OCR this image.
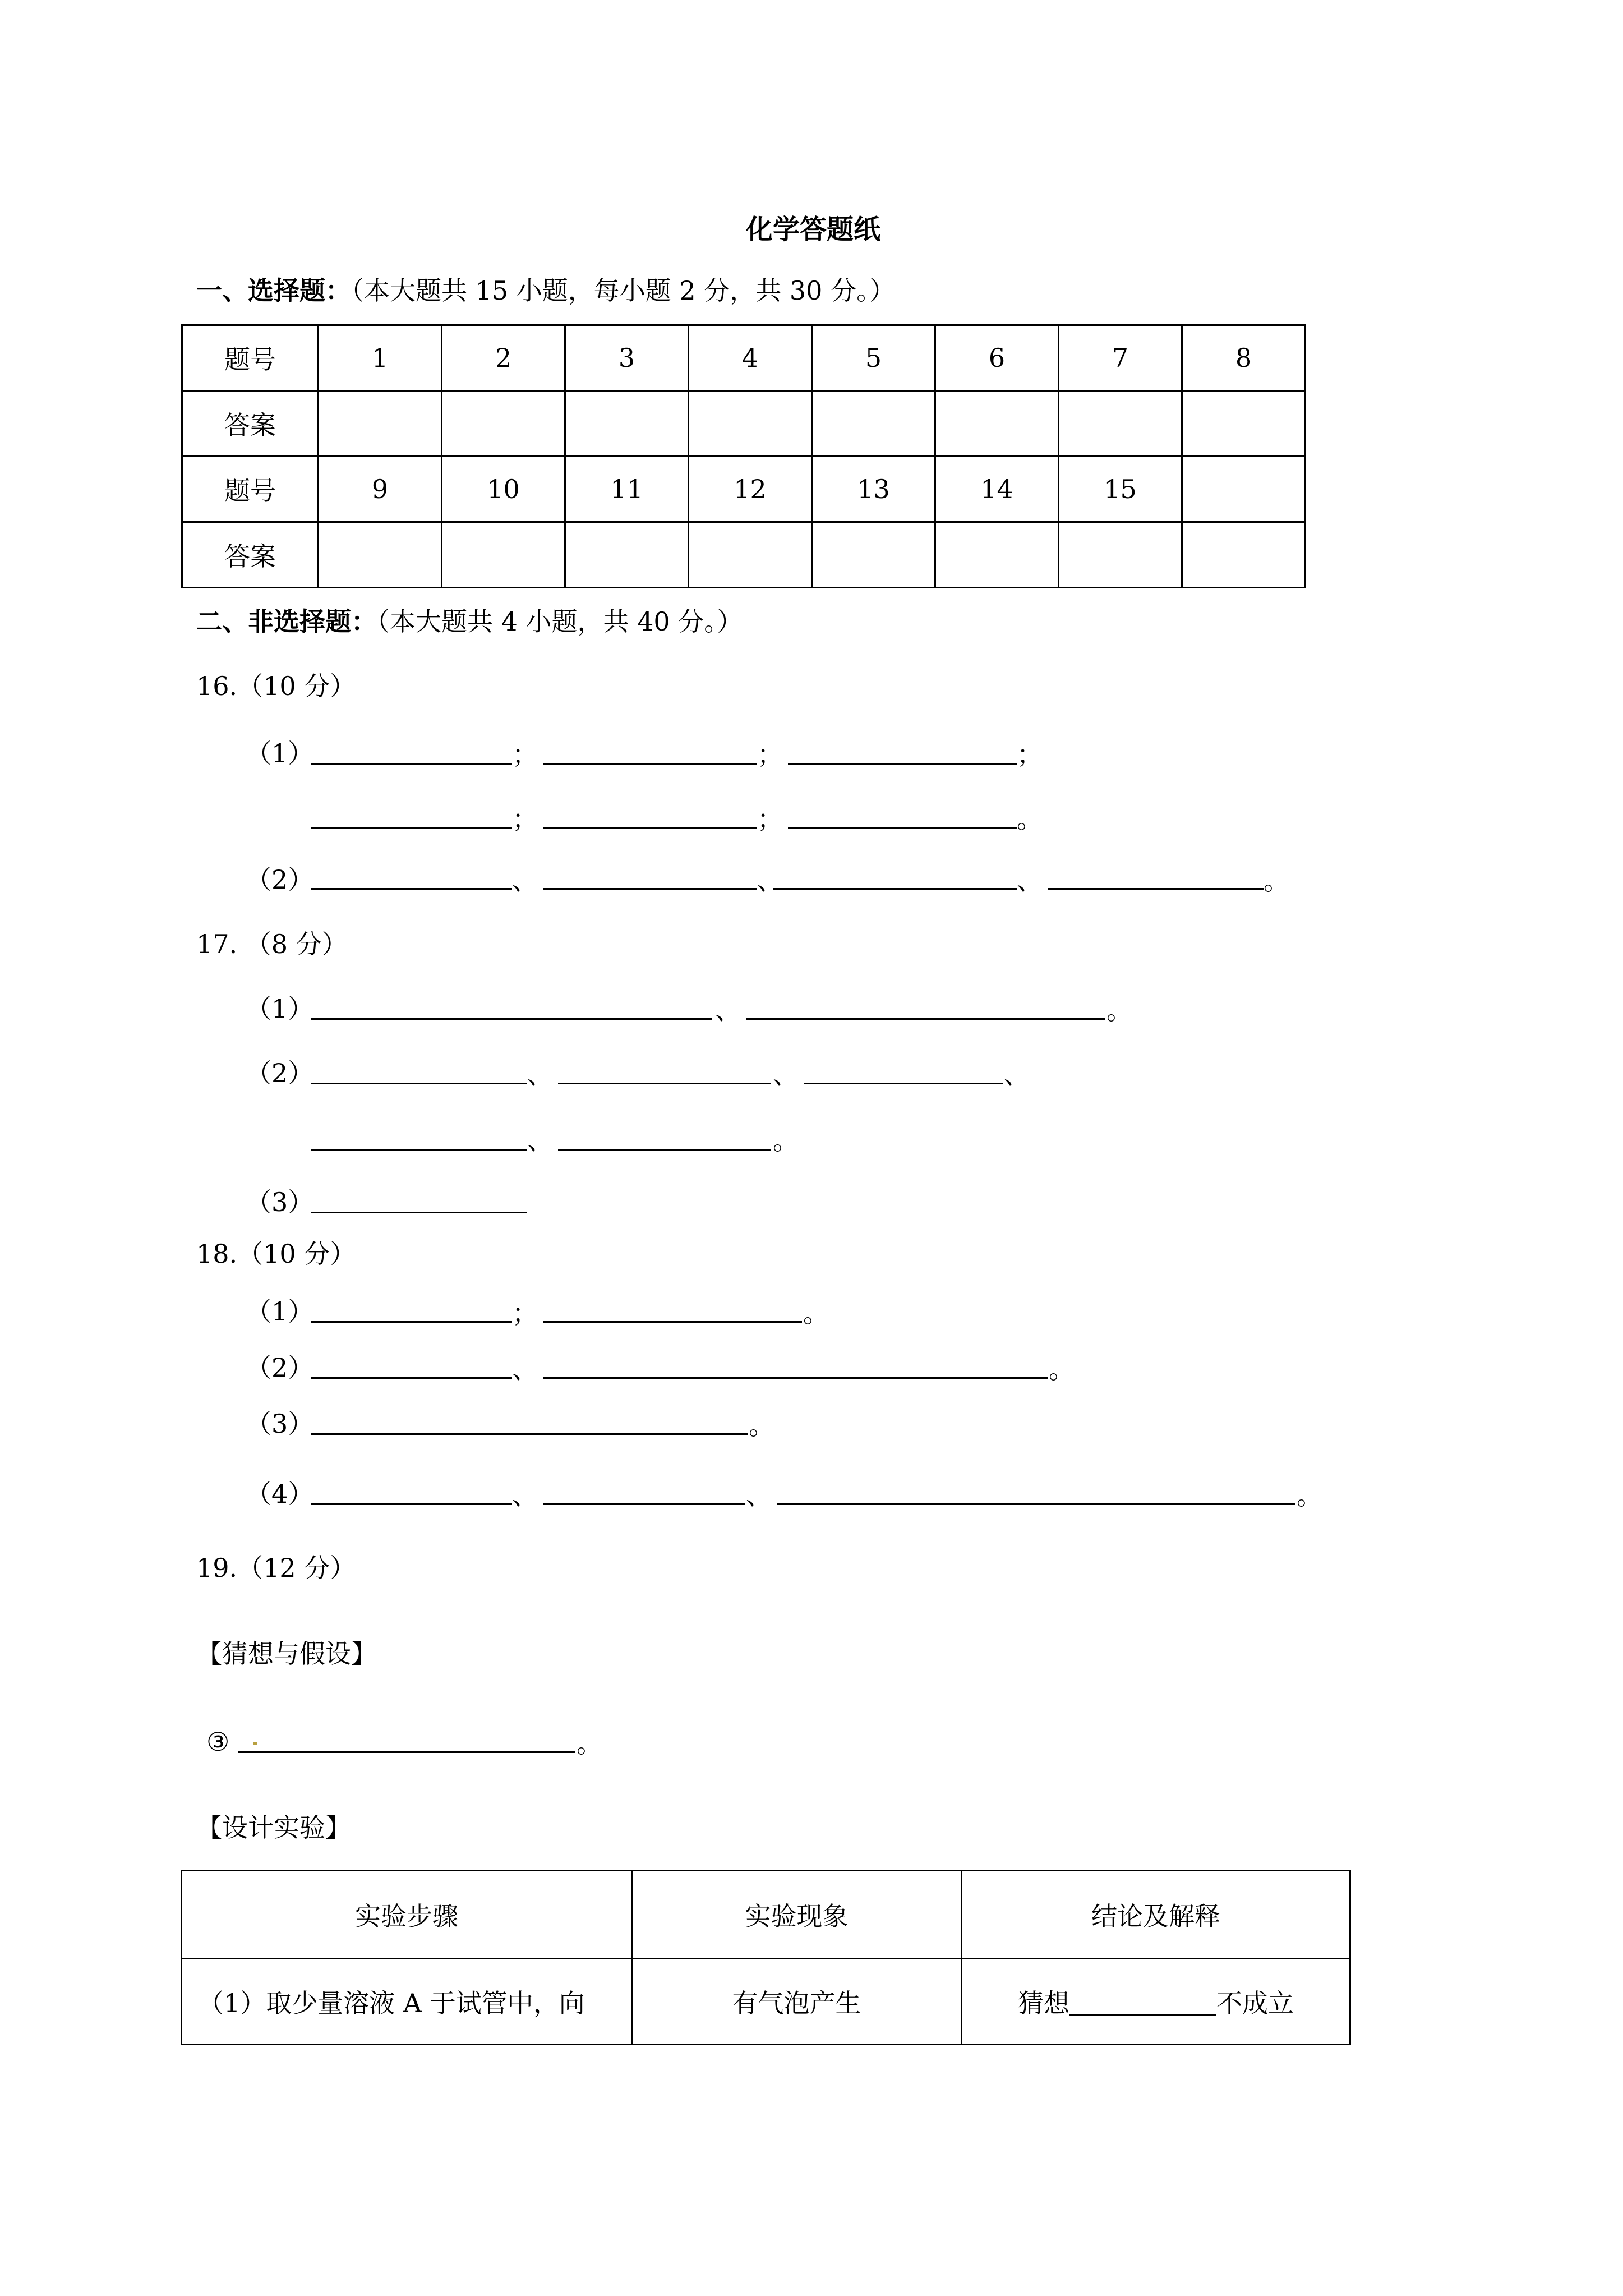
化学答题纸
一、选择题：（本大题共 15 小题，每小题 2 分，共 30 分。）
题号	1	2	3	4	5	6	7	8
答案								
题号	9	10	11	12	13	14	15	
答案								
二、非选择题：（本大题共 4 小题，共 40 分。）
16.（10 分）
（1）	；	；	；
；	；	。
（2）	、	、	、	。
17. （8 分）
（1）	、	。
（2）	、	、	、
、	。
（3）
18.（10 分）
（1）	；	。
（2）	、	。
（3）	。
（4）	、	、	。
19.（12 分）
【猜想与假设】
③	。
【设计实验】
实验步骤	实验现象	结论及解释
（1）取少量溶液 A 于试管中，向	有气泡产生	猜想 不成立
